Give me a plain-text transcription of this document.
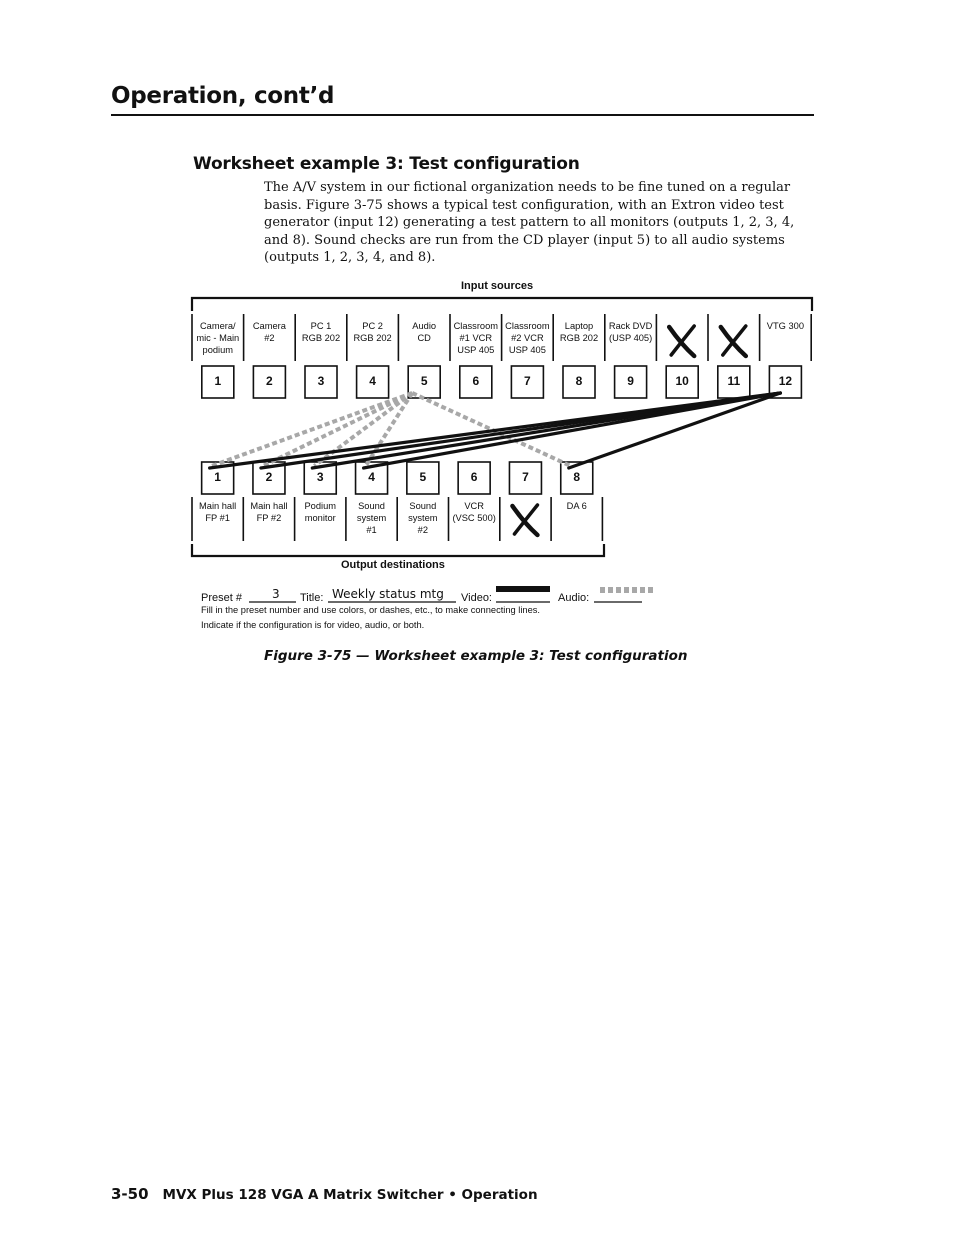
Operation, cont’d
Worksheet example 3: Test configuration
The A/V system in our fictional organization needs to be fine tuned on a regular basis. Figure 3-75 shows a typical test configuration, with an Extron video test generator (input 12) generating a test pattern to all monitors (outputs 1, 2, 3, 4, and 8). Sound checks are run from the CD player (input 5) to all audio systems (outputs 1, 2, 3, 4, and 8).
1
Camera/
mic - Main
podium
2
Camera
#2
3
PC 1
RGB 202
4
PC 2
RGB 202
5
Audio
CD
6
Classroom
#1 VCR
USP 405
7
Classroom
#2 VCR
USP 405
8
Laptop
RGB 202
9
Rack DVD
(USP 405)
10	11	12
VTG 300
1
Main hall
FP #1
2
Main hall
FP #2
3
Podium
monitor
4
Sound
system
#1
5
Sound
system
#2
6
VCR
(VSC 500)
7	8
DA 6
Input sources
Output destinations
Preset #	3 Title: Weekly status mtg Video:	Audio:
Fill in the preset number and use colors, or dashes, etc., to make connecting lines.
Indicate if the configuration is for video, audio, or both.
Figure 3-75 — Worksheet example 3: Test configuration
3-50 MVX Plus 128 VGA A Matrix Switcher • Operation
